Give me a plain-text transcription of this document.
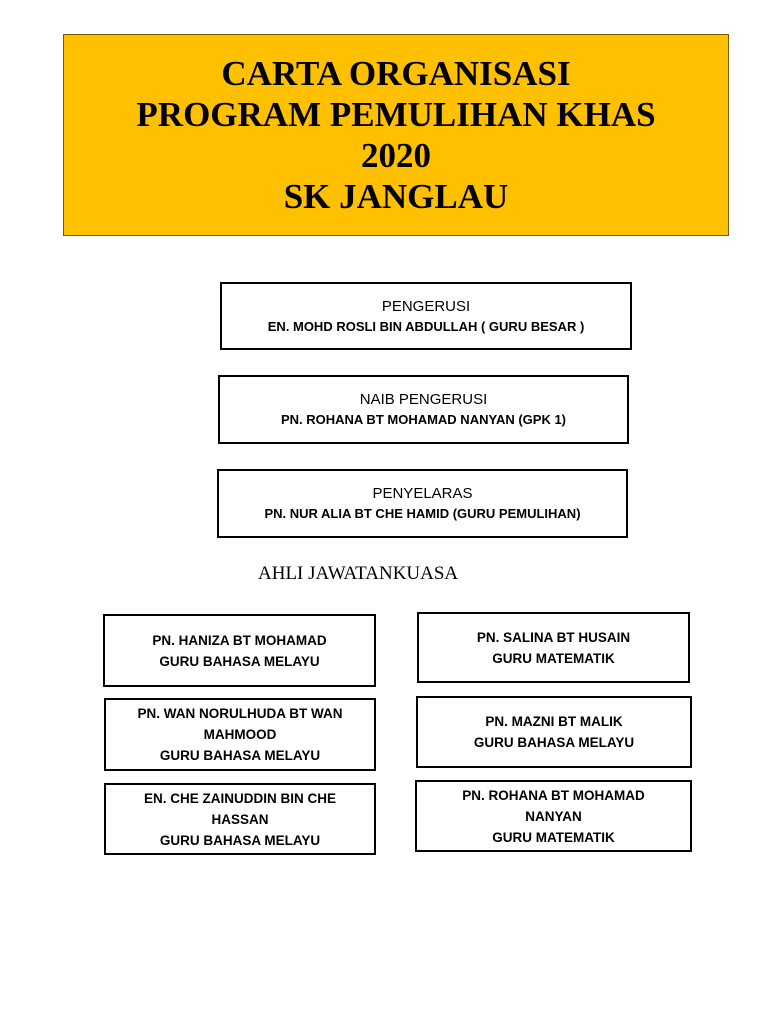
CARTA ORGANISASI
PROGRAM PEMULIHAN KHAS
2020
SK JANGLAU
PENGERUSI
EN. MOHD ROSLI BIN ABDULLAH ( GURU BESAR )
NAIB PENGERUSI
PN. ROHANA BT MOHAMAD NANYAN (GPK 1)
PENYELARAS
PN. NUR ALIA BT CHE HAMID (GURU PEMULIHAN)
AHLI JAWATANKUASA
PN. HANIZA BT MOHAMAD
GURU BAHASA MELAYU
PN. WAN NORULHUDA BT WAN MAHMOOD
GURU BAHASA MELAYU
EN. CHE ZAINUDDIN BIN CHE HASSAN
GURU BAHASA MELAYU
PN. SALINA BT HUSAIN
GURU MATEMATIK
PN. MAZNI BT MALIK
GURU BAHASA MELAYU
PN. ROHANA BT MOHAMAD NANYAN
GURU MATEMATIK
